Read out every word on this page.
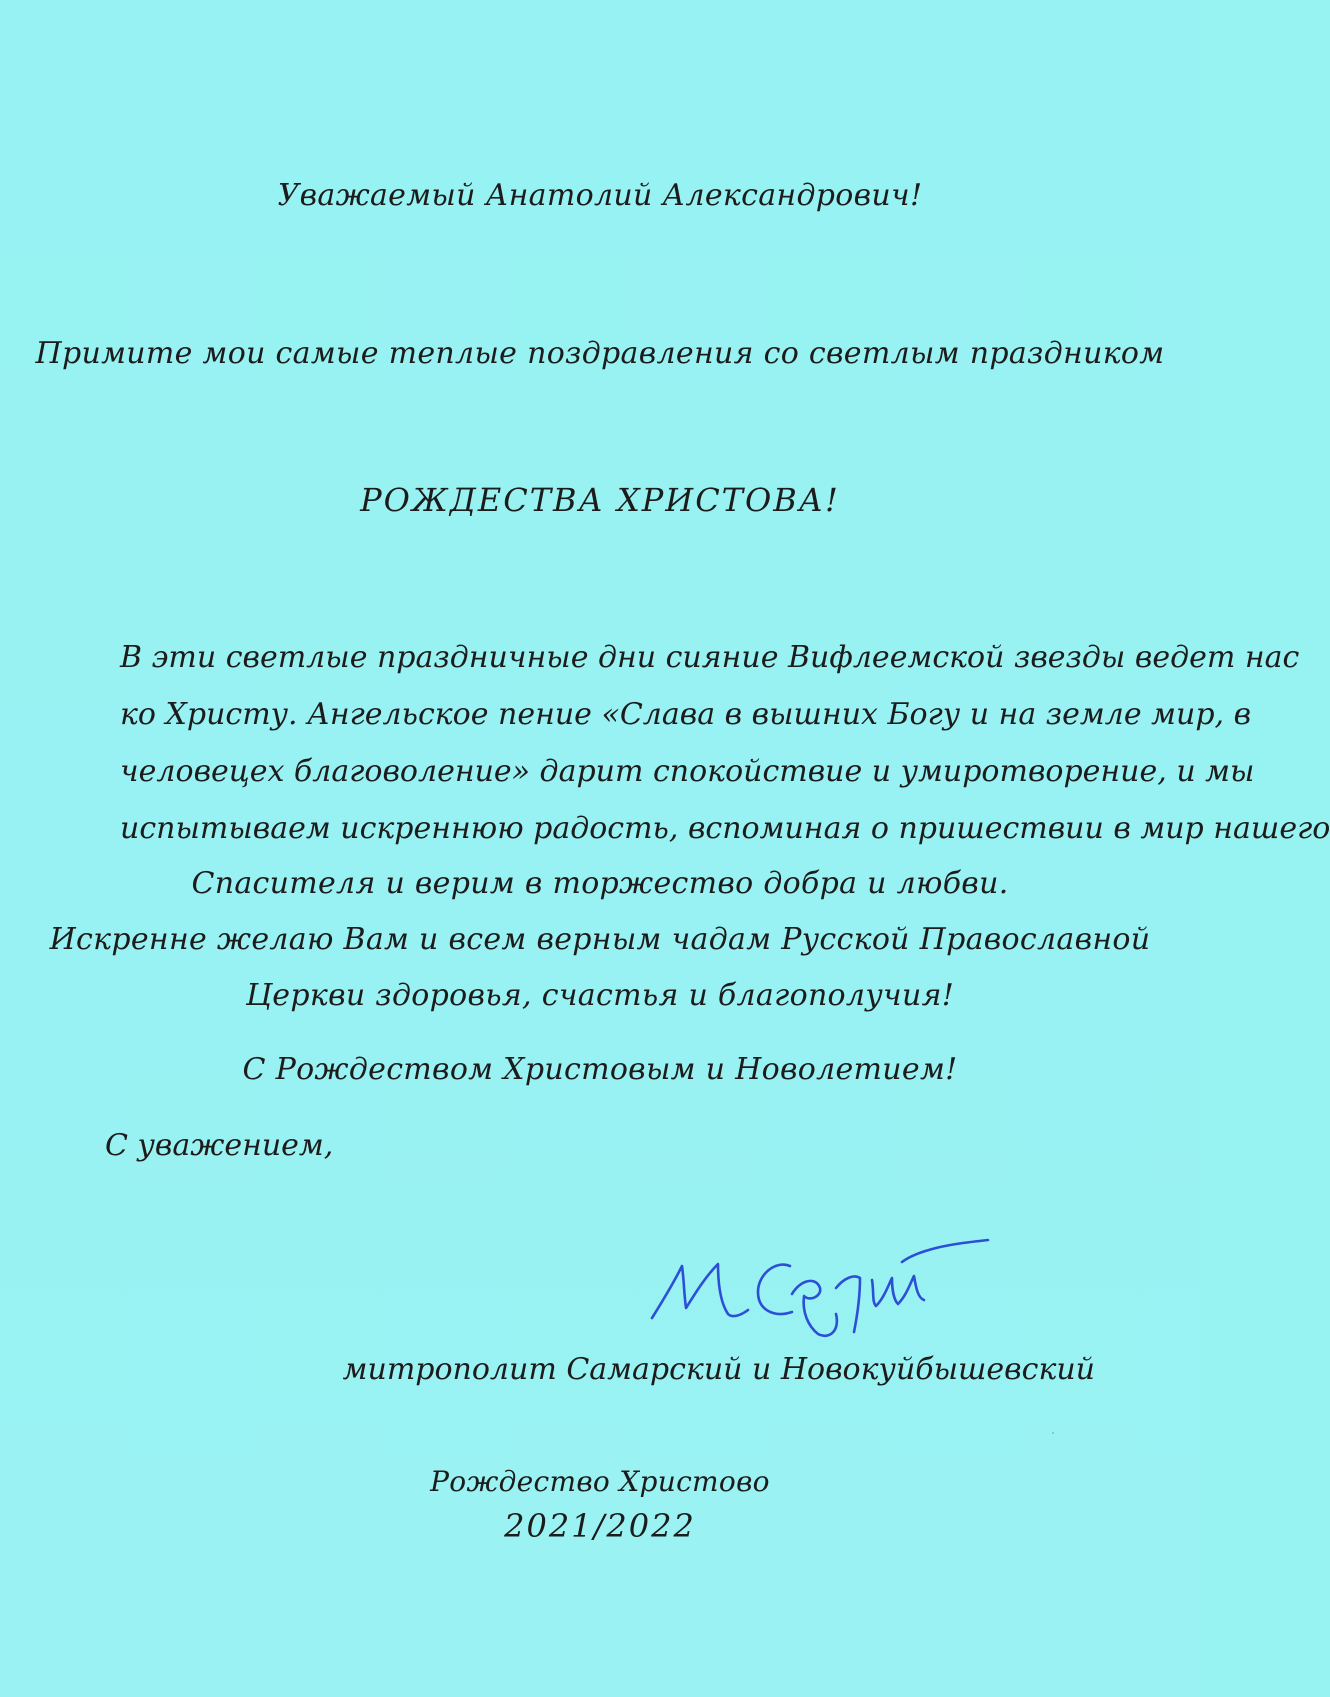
Уважаемый Анатолий Александрович!
Примите мои самые теплые поздравления со светлым праздником
РОЖДЕСТВА ХРИСТОВА!
В эти светлые праздничные дни сияние Вифлеемской звезды ведет нас
ко Христу. Ангельское пение «Слава в вышних Богу и на земле мир, в
человецех благоволение» дарит спокойствие и умиротворение, и мы
испытываем искреннюю радость, вспоминая о пришествии в мир нашего
Спасителя и верим в торжество добра и любви.
Искренне желаю Вам и всем верным чадам Русской Православной
Церкви здоровья, счастья и благополучия!
С Рождеством Христовым и Новолетием!
С уважением,
митрополит Самарский и Новокуйбышевский
Рождество Христово
2021/2022
